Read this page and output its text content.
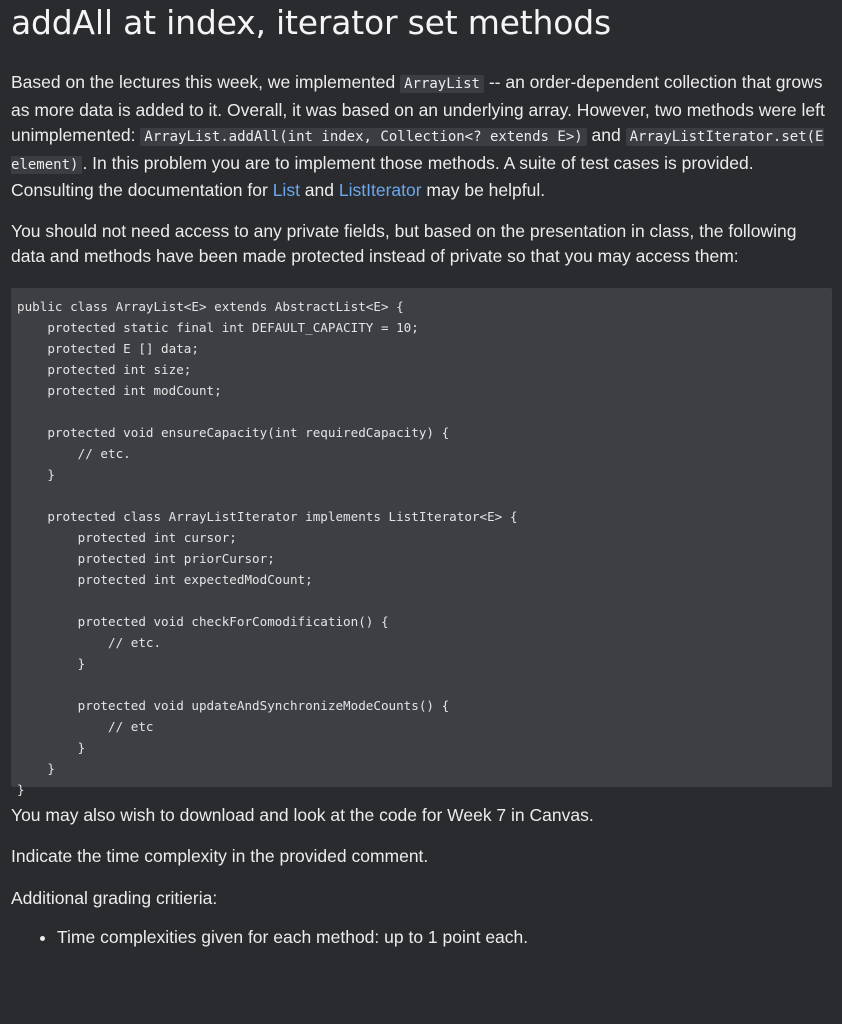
addAll at index, iterator set methods

Based on the lectures this week, we implemented ArrayList -- an order-dependent collection that grows as more data is added to it. Overall, it was based on an underlying array. However, two methods were left unimplemented: ArrayList.addAll(int index, Collection<? extends E>) and ArrayListIterator.set(E element) . In this problem you are to implement those methods. A suite of test cases is provided. Consulting the documentation for List and ListIterator may be helpful.

You should not need access to any private fields, but based on the presentation in class, the following data and methods have been made protected instead of private so that you may access them:

public class ArrayList<E> extends AbstractList<E> {
protected static final int DEFAULT_CAPACITY = 10;
protected E [] data;
protected int size;
protected int modCount;
protected void ensureCapacity(int requiredCapacity) {
// etc.
}
protected class ArrayListIterator implements ListIterator<E> {
protected int cursor;
protected int priorCursor;
protected int expectedModCount;
protected void checkForComodification() {
// etc.
}
protected void updateAndSynchronizeModeCounts() {
// etc
}
}
}

You may also wish to download and look at the code for Week 7 in Canvas.

Indicate the time complexity in the provided comment.

Additional grading critieria:

• Time complexities given for each method: up to 1 point each.
